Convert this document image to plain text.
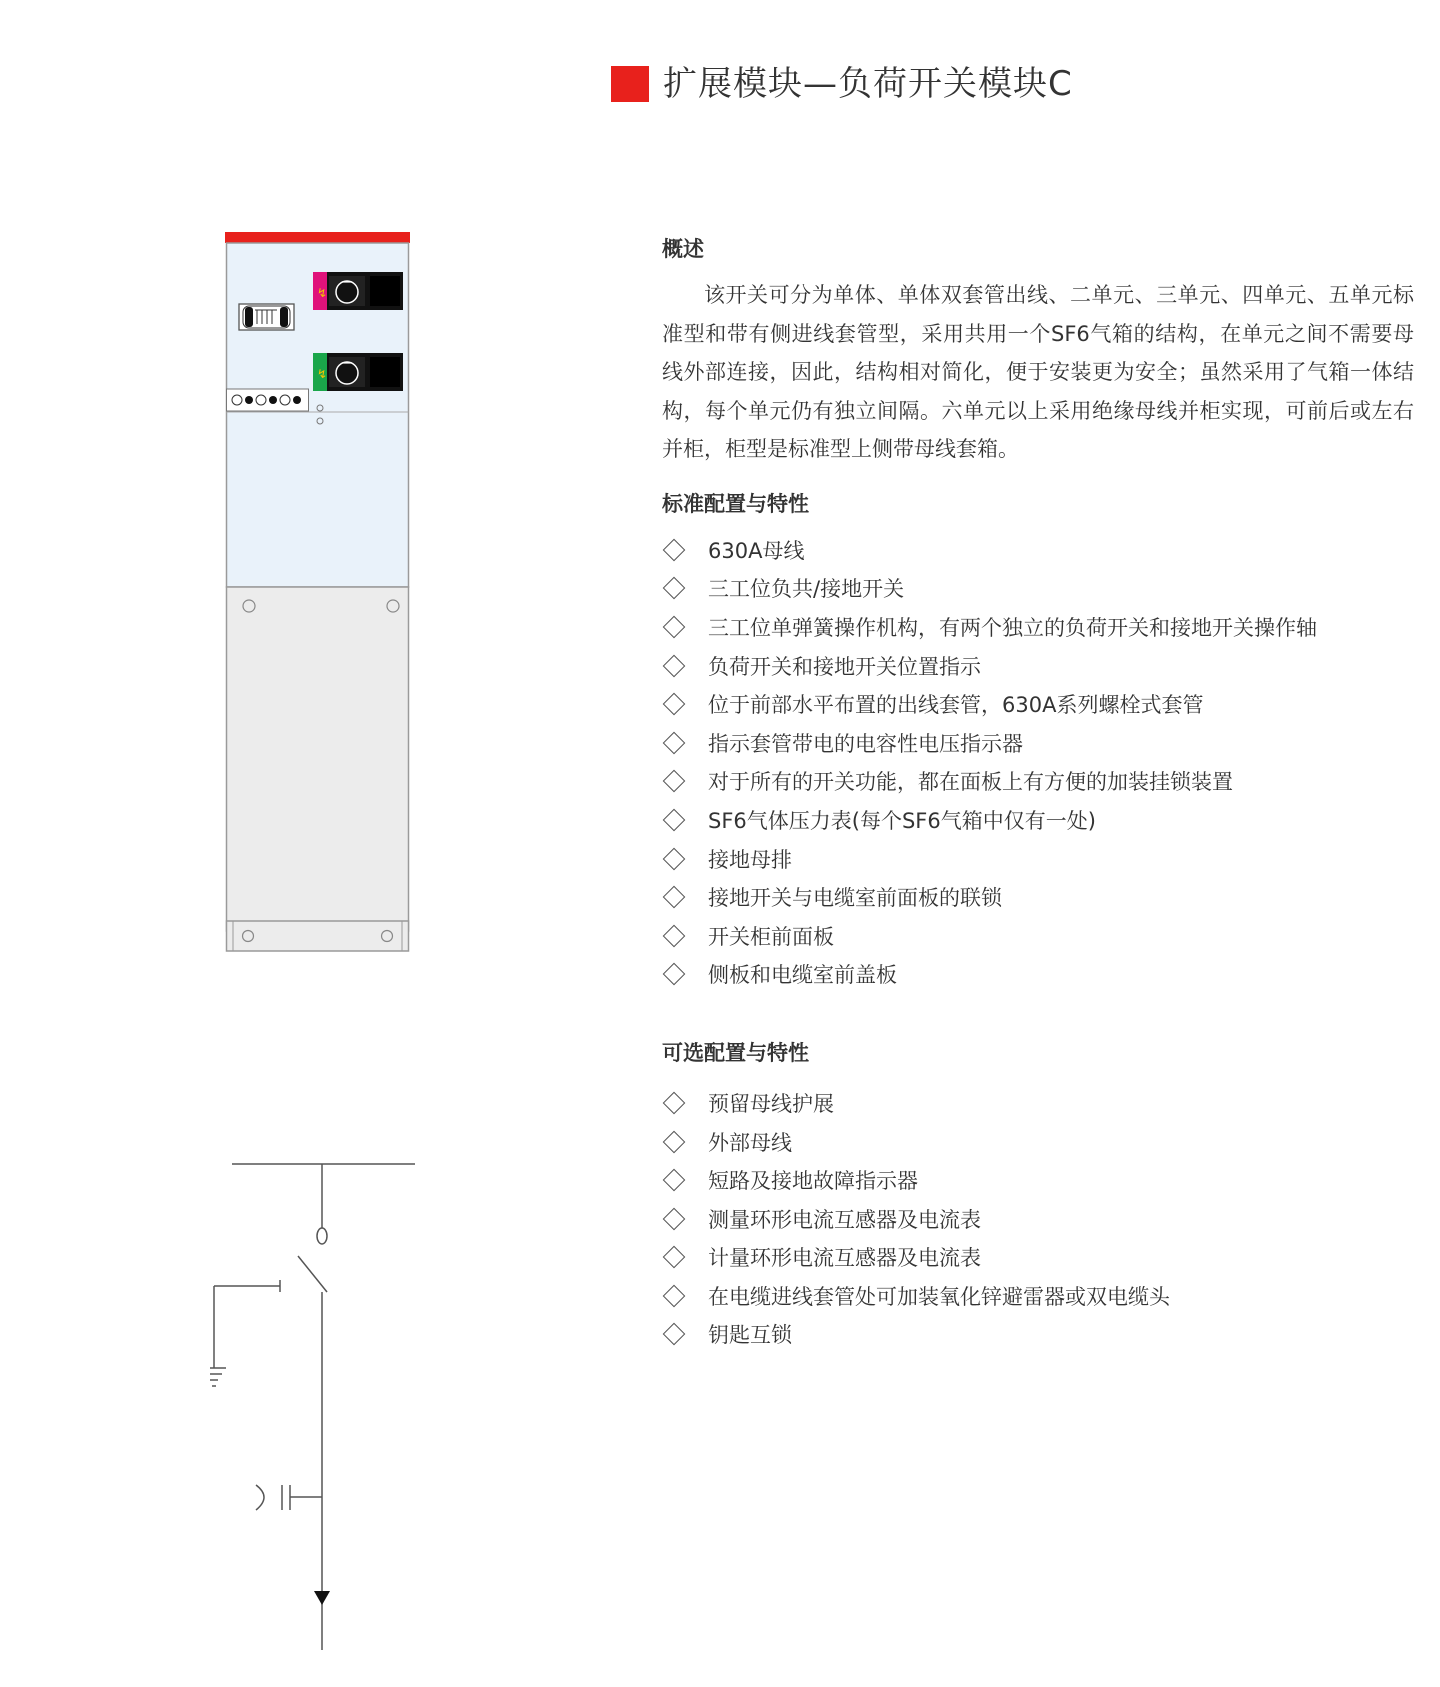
扩展模块—负荷开关模块C
↯
↯
概述

该开关可分为单体、单体双套管出线、二单元、三单元、四单元、五单元标准型和带有侧进线套管型，采用共用一个SF6气箱的结构，在单元之间不需要母线外部连接，因此，结构相对简化，便于安装更为安全；虽然采用了气箱一体结构，每个单元仍有独立间隔。六单元以上采用绝缘母线并柜实现，可前后或左右并柜，柜型是标准型上侧带母线套箱。

标准配置与特性
630A母线
三工位负共/接地开关
三工位单弹簧操作机构，有两个独立的负荷开关和接地开关操作轴
负荷开关和接地开关位置指示
位于前部水平布置的出线套管，630A系列螺栓式套管
指示套管带电的电容性电压指示器
对于所有的开关功能，都在面板上有方便的加装挂锁装置
SF6气体压力表(每个SF6气箱中仅有一处)
接地母排
接地开关与电缆室前面板的联锁
开关柜前面板
侧板和电缆室前盖板
可选配置与特性
预留母线护展
外部母线
短路及接地故障指示器
测量环形电流互感器及电流表
计量环形电流互感器及电流表
在电缆进线套管处可加装氧化锌避雷器或双电缆头
钥匙互锁
